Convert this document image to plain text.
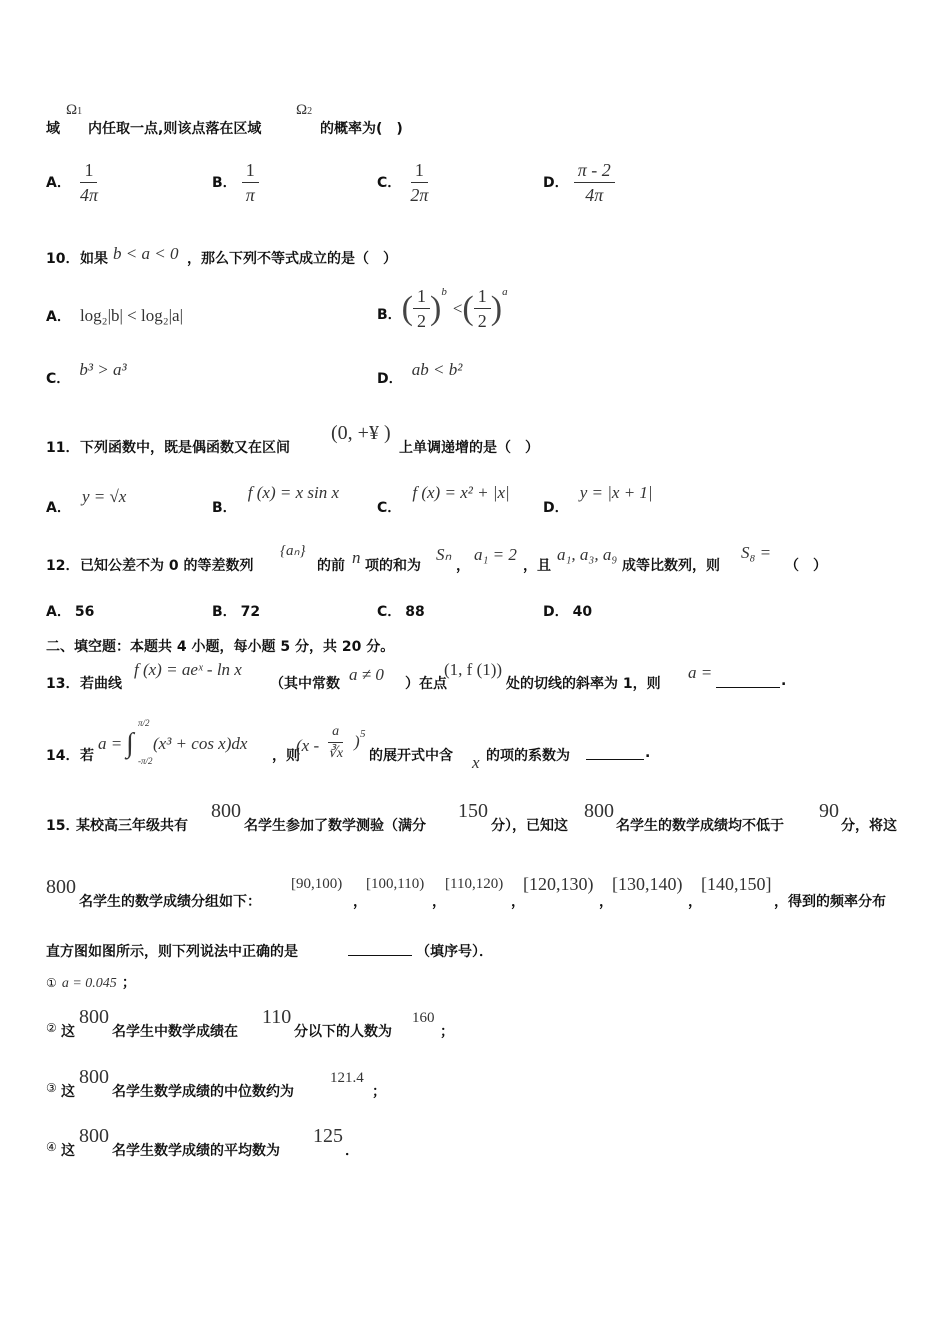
域
Ω1
内任取一点,则该点落在区域
Ω2
的概率为(　)
A． $\frac{1}{4\pi}$	B． $\frac{1}{\pi}$	C． $\frac{1}{2\pi}$	D． $\frac{\pi - 2}{4\pi}$
10． 如果 b < a < 0 ，那么下列不等式成立的是（　）
A． log₂|b| < log₂|a|	B． ( $\frac{1}{2}$ ) b
< ( $\frac{1}{2}$ ) a
C． b³ > a³	D． ab < b²
11． 下列函数中，既是偶函数又在区间
(0, +¥ )
上单调递增的是（　）
A． y = √x
B． f (x) = x sin x
C． f (x) = x² + |x|
D． y = |x + 1|
12． 已知公差不为 0 的等差数列
{aₙ}
的前 n 项的和为
Sₙ
，
a₁ = 2
，且
a₁, a₃, a₉
成等比数列，则
S₈ =
（　）
A． 56	B． 72	C． 88	D． 40
二、填空题：本题共 4 小题，每小题 5 分，共 20 分。
13． 若曲线
f (x) = aeˣ - ln x
（其中常数 a ≠ 0 ）在点
(1, f (1))
处的切线的斜率为 1，则
a =	.
14． 若
a = ∫
π/2
-π/2
(x³ + cos x)dx
，则
($x - \frac{a}{∛x}$ ) 5
的展开式中含 x 的项的系数为	.
15．
某校高三年级共有
800
名学生参加了数学测验（满分
150
分），已知这
800
名学生的数学成绩均不低于
90
分，将这
800
名学生的数学成绩分组如下：
[90,100)
，
[100,110)
，
[110,120)
，
[120,130)
，
[130,140)
，
[140,150]
，得到的频率分布
直方图如图所示，则下列说法中正确的是	（填序号）．
① a = 0.045 ；
② 这
800
名学生中数学成绩在
110
分以下的人数为
160
；
③ 这
800
名学生数学成绩的中位数约为
121.4
；
④ 这
800
名学生数学成绩的平均数为
125
．
